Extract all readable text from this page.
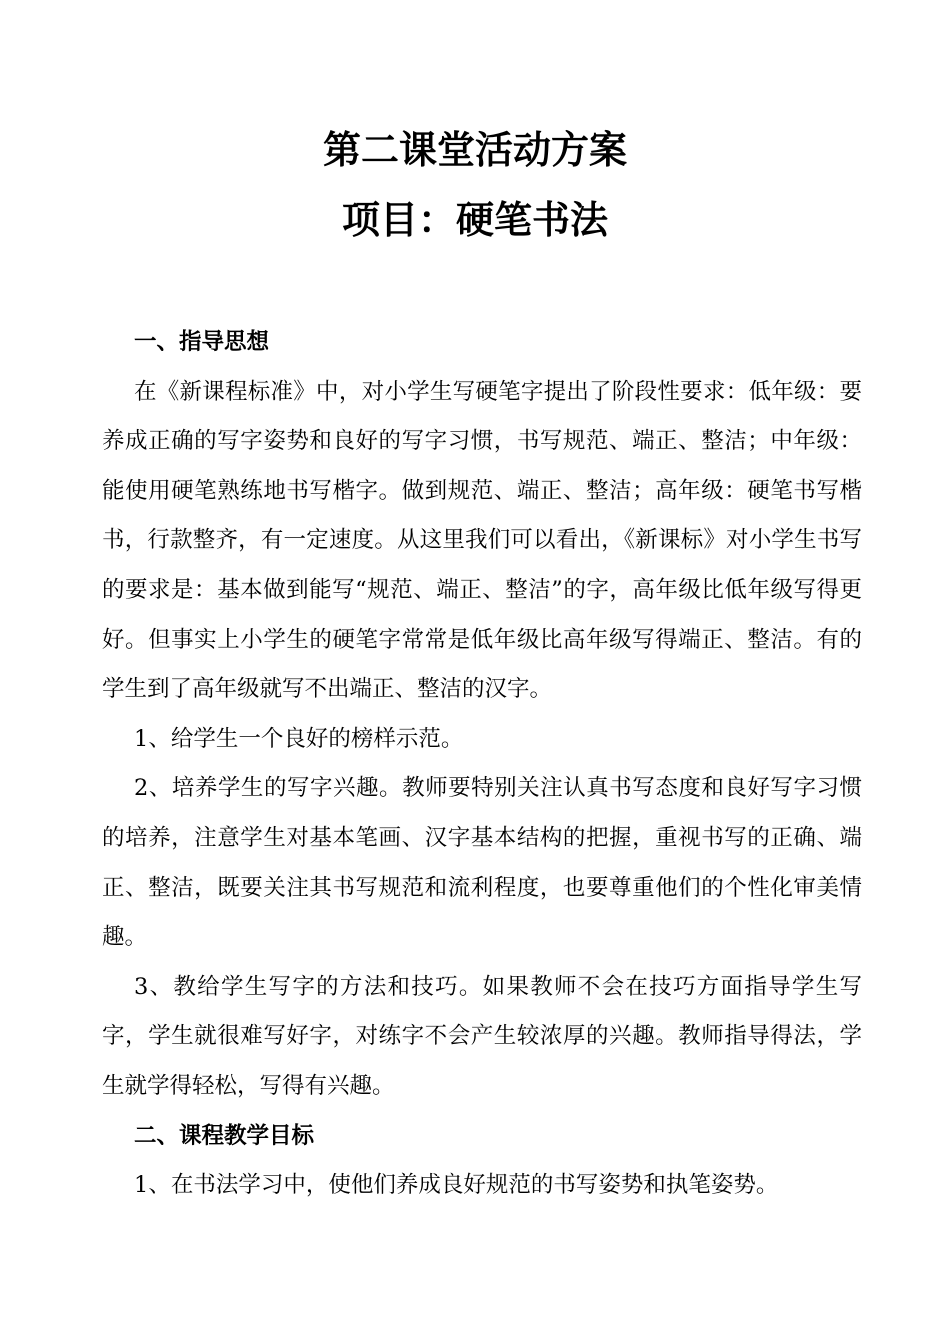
第二课堂活动方案
项目：硬笔书法
一、指导思想

在《新课程标准》中，对小学生写硬笔字提出了阶段性要求：低年级：要养成正确的写字姿势和良好的写字习惯，书写规范、端正、整洁；中年级：能使用硬笔熟练地书写楷字。做到规范、端正、整洁；高年级：硬笔书写楷书，行款整齐，有一定速度。从这里我们可以看出，《新课标》对小学生书写的要求是：基本做到能写“规范、端正、整洁”的字，高年级比低年级写得更好。但事实上小学生的硬笔字常常是低年级比高年级写得端正、整洁。有的学生到了高年级就写不出端正、整洁的汉字。

1、给学生一个良好的榜样示范。

2、培养学生的写字兴趣。教师要特别关注认真书写态度和良好写字习惯的培养，注意学生对基本笔画、汉字基本结构的把握，重视书写的正确、端正、整洁，既要关注其书写规范和流利程度，也要尊重他们的个性化审美情趣。

3、教给学生写字的方法和技巧。如果教师不会在技巧方面指导学生写字，学生就很难写好字，对练字不会产生较浓厚的兴趣。教师指导得法，学生就学得轻松，写得有兴趣。

二、课程教学目标

1、在书法学习中，使他们养成良好规范的书写姿势和执笔姿势。
